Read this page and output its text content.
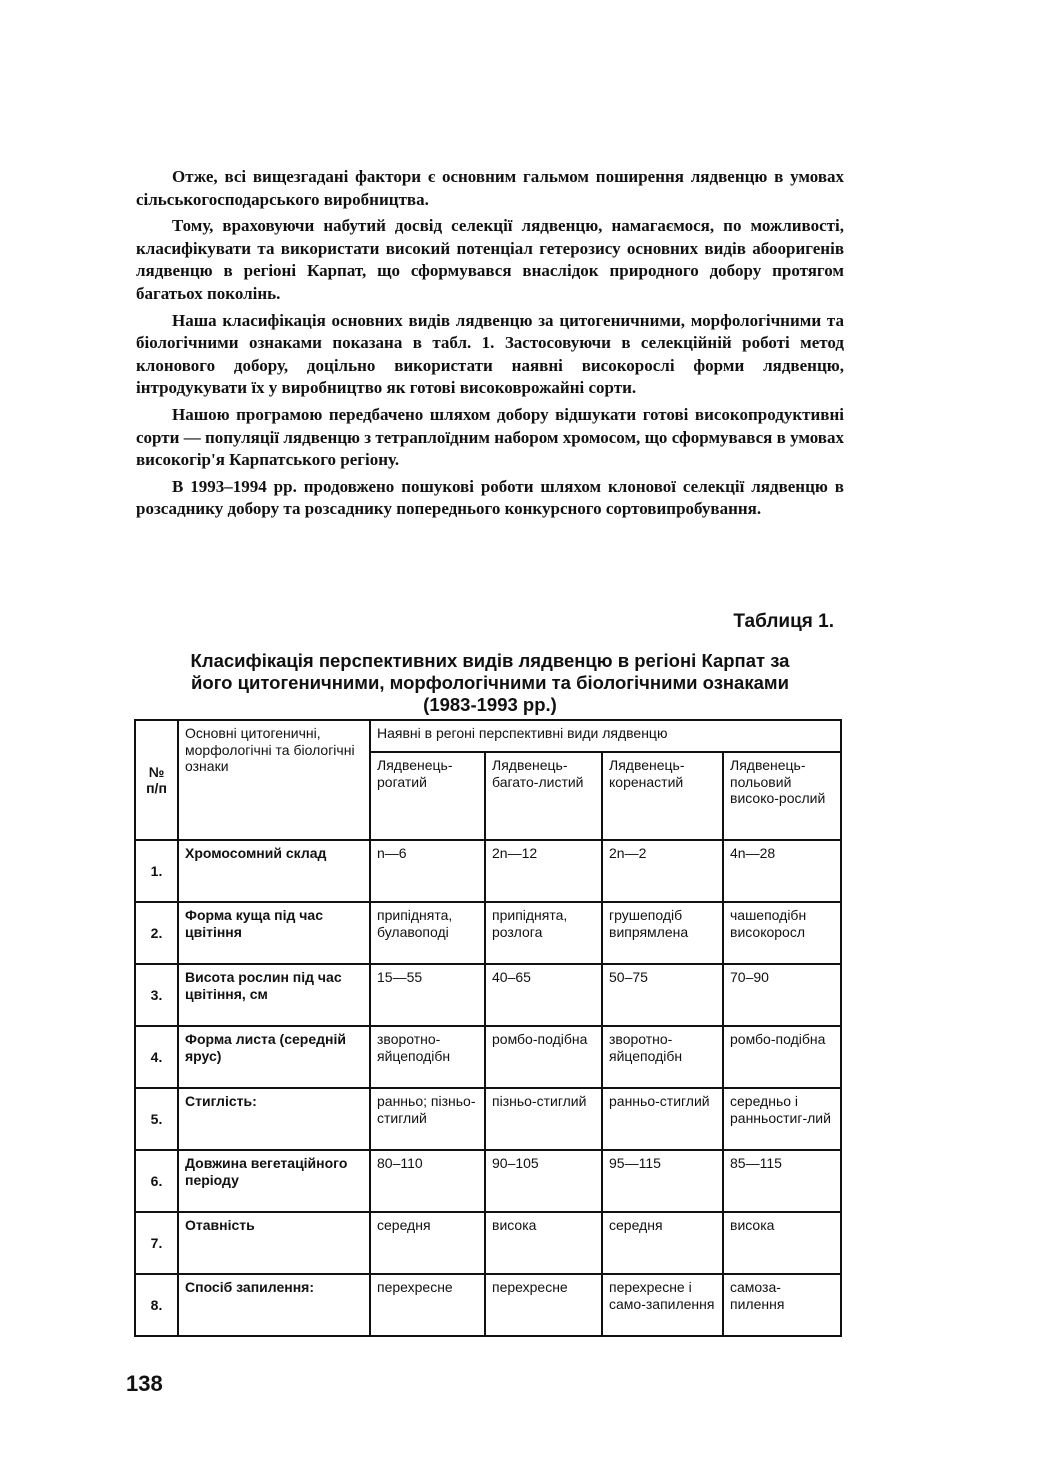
Отже, всі вищезгадані фактори є основним гальмом поширення лядвенцю в умовах сільськогосподарського виробництва.

Тому, враховуючи набутий досвід селекції лядвенцю, намагаємося, по можливості, класифікувати та використати високий потенціал гетерозису основних видів абооригенів лядвенцю в регіоні Карпат, що сформувався внаслідок природного добору протягом багатьох поколінь.

Наша класифікація основних видів лядвенцю за цитогеничними, морфологічними та біологічними ознаками показана в табл. 1. Застосовуючи в селекційній роботі метод клонового добору, доцільно використати наявні високорослі форми лядвенцю, інтродукувати їх у виробництво як готові високоврожайні сорти.

Нашою програмою передбачено шляхом добору відшукати готові високопродуктивні сорти — популяції лядвенцю з тетраплоїдним набором хромосом, що сформувався в умовах високогір'я Карпатського регіону.

В 1993–1994 рр. продовжено пошукові роботи шляхом клонової селекції лядвенцю в розсаднику добору та розсаднику попереднього конкурсного сортовипробування.

Таблиця 1.
Класифікація перспективних видів лядвенцю в регіоні Карпат за його цитогеничними, морфологічними та біологічними ознаками (1983-1993 рр.)
№ п/п	Основні цитогеничні, морфологічні та біологічні ознаки	Наявні в регоні перспективні види лядвенцю			
		Лядвенець-рогатий	Лядвенець-багато-листий	Лядвенець-коренастий	Лядвенець-польовий високо-рослий
1.	Хромосомний склад	n—6	2n—12	2n—2	4n—28
2.	Форма куща під час цвітіння	припіднята, булавоподі	припіднята, розлога	грушеподіб випрямлена	чашеподібн високоросл
3.	Висота рослин під час цвітіння, см	15—55	40–65	50–75	70–90
4.	Форма листа (середній ярус)	зворотно-яйцеподібн	ромбо-подібна	зворотно-яйцеподібн	ромбо-подібна
5.	Стиглість:	ранньо; пізньо-стиглий	пізньо-стиглий	ранньо-стиглий	середньо і ранньостиг-лий
6.	Довжина вегетаційного періоду	80–110	90–105	95—115	85—115
7.	Отавність	середня	висока	середня	висока
8.	Спосіб запилення:	перехресне	перехресне	перехресне і само-запилення	самоза-пилення
138
